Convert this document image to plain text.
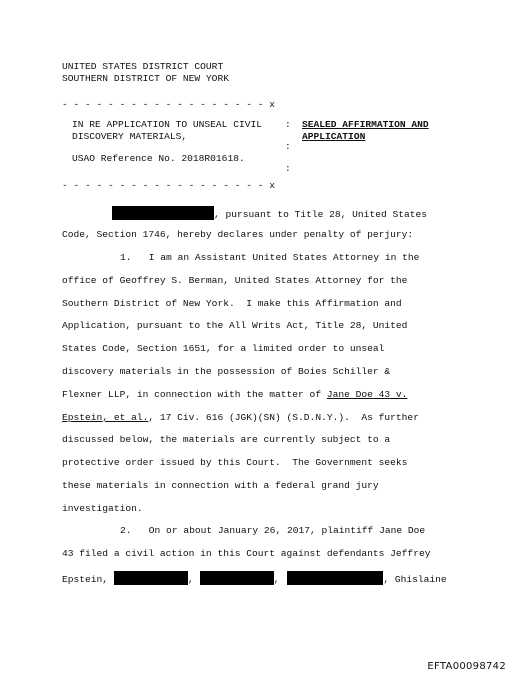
UNITED STATES DISTRICT COURT
SOUTHERN DISTRICT OF NEW YORK
- - - - - - - - - - - - - - - - - - x
IN RE APPLICATION TO UNSEAL CIVIL
DISCOVERY MATERIALS,
:
:
:
SEALED AFFIRMATION AND
APPLICATION
USAO Reference No. 2018R01618.
- - - - - - - - - - - - - - - - - - x
, pursuant to Title 28, United States
Code, Section 1746, hereby declares under penalty of perjury:
1.   I am an Assistant United States Attorney in the
office of Geoffrey S. Berman, United States Attorney for the
Southern District of New York.  I make this Affirmation and
Application, pursuant to the All Writs Act, Title 28, United
States Code, Section 1651, for a limited order to unseal
discovery materials in the possession of Boies Schiller &
Flexner LLP, in connection with the matter of Jane Doe 43 v.
Epstein, et al., 17 Civ. 616 (JGK)(SN) (S.D.N.Y.).  As further
discussed below, the materials are currently subject to a
protective order issued by this Court.  The Government seeks
these materials in connection with a federal grand jury
investigation.
2.   On or about January 26, 2017, plaintiff Jane Doe
43 filed a civil action in this Court against defendants Jeffrey
Epstein,	,	,	, Ghislaine
EFTA00098742
